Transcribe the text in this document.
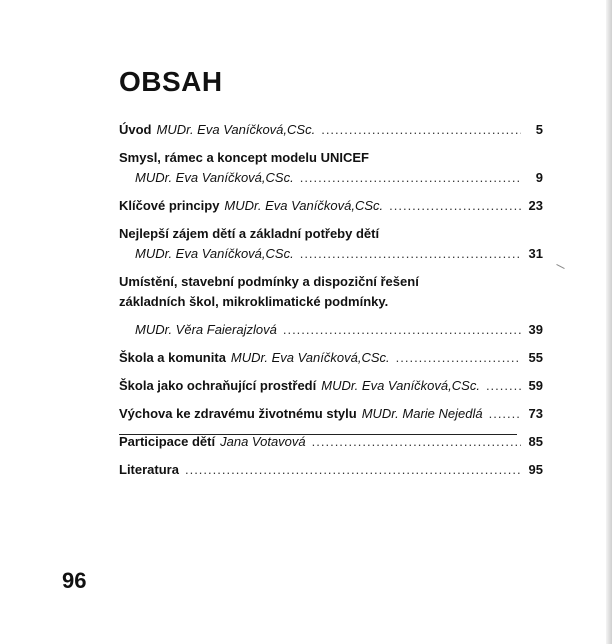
OBSAH
Úvod MUDr. Eva Vaníčková,CSc. .....	5
Smysl, rámec a koncept modelu UNICEF
MUDr. Eva Vaníčková,CSc. .....	9
Klíčové principy MUDr. Eva Vaníčková,CSc. .....	23
Nejlepší zájem dětí a základní potřeby dětí
MUDr. Eva Vaníčková,CSc. .....	31
Umístění, stavební podmínky a dispoziční řešení
základních škol, mikroklimatické podmínky.
MUDr. Věra Faierajzlová .....	39
Škola a komunita MUDr. Eva Vaníčková,CSc. .....	55
Škola jako ochraňující prostředí MUDr. Eva Vaníčková,CSc. .....	59
Výchova ke zdravému životnému stylu MUDr. Marie Nejedlá .....	73
Participace dětí Jana Votavová .....	85
Literatura .....	95
96
